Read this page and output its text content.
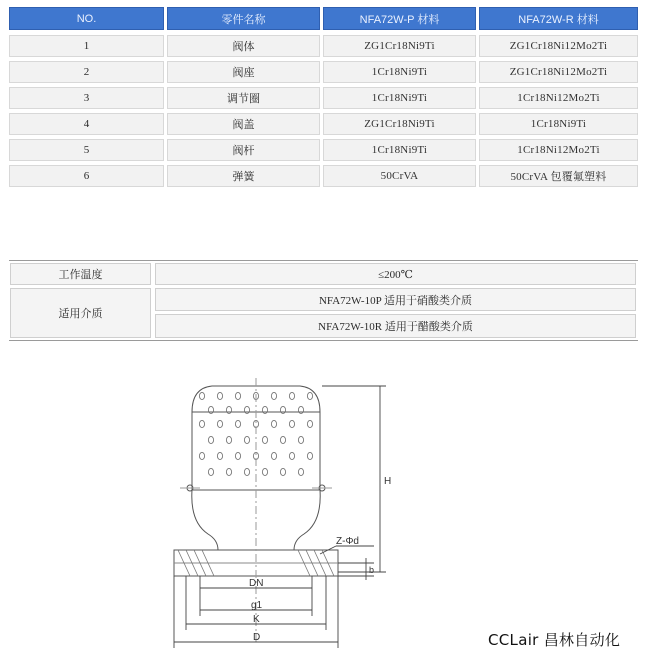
NO.	零件名称	NFA72W-P 材料	NFA72W-R 材料
1	阀体	ZG1Cr18Ni9Ti	ZG1Cr18Ni12Mo2Ti
2	阀座	1Cr18Ni9Ti	ZG1Cr18Ni12Mo2Ti
3	调节圈	1Cr18Ni9Ti	1Cr18Ni12Mo2Ti
4	阀盖	ZG1Cr18Ni9Ti	1Cr18Ni9Ti
5	阀杆	1Cr18Ni9Ti	1Cr18Ni12Mo2Ti
6	弹簧	50CrVA	50CrVA 包覆氟塑料
工作温度	≤200℃
适用介质
NFA72W-10P 适用于硝酸类介质
NFA72W-10R 适用于醋酸类介质
H
Z-Φd
b
DN
g1
K
D	CCLair 昌林自动化
